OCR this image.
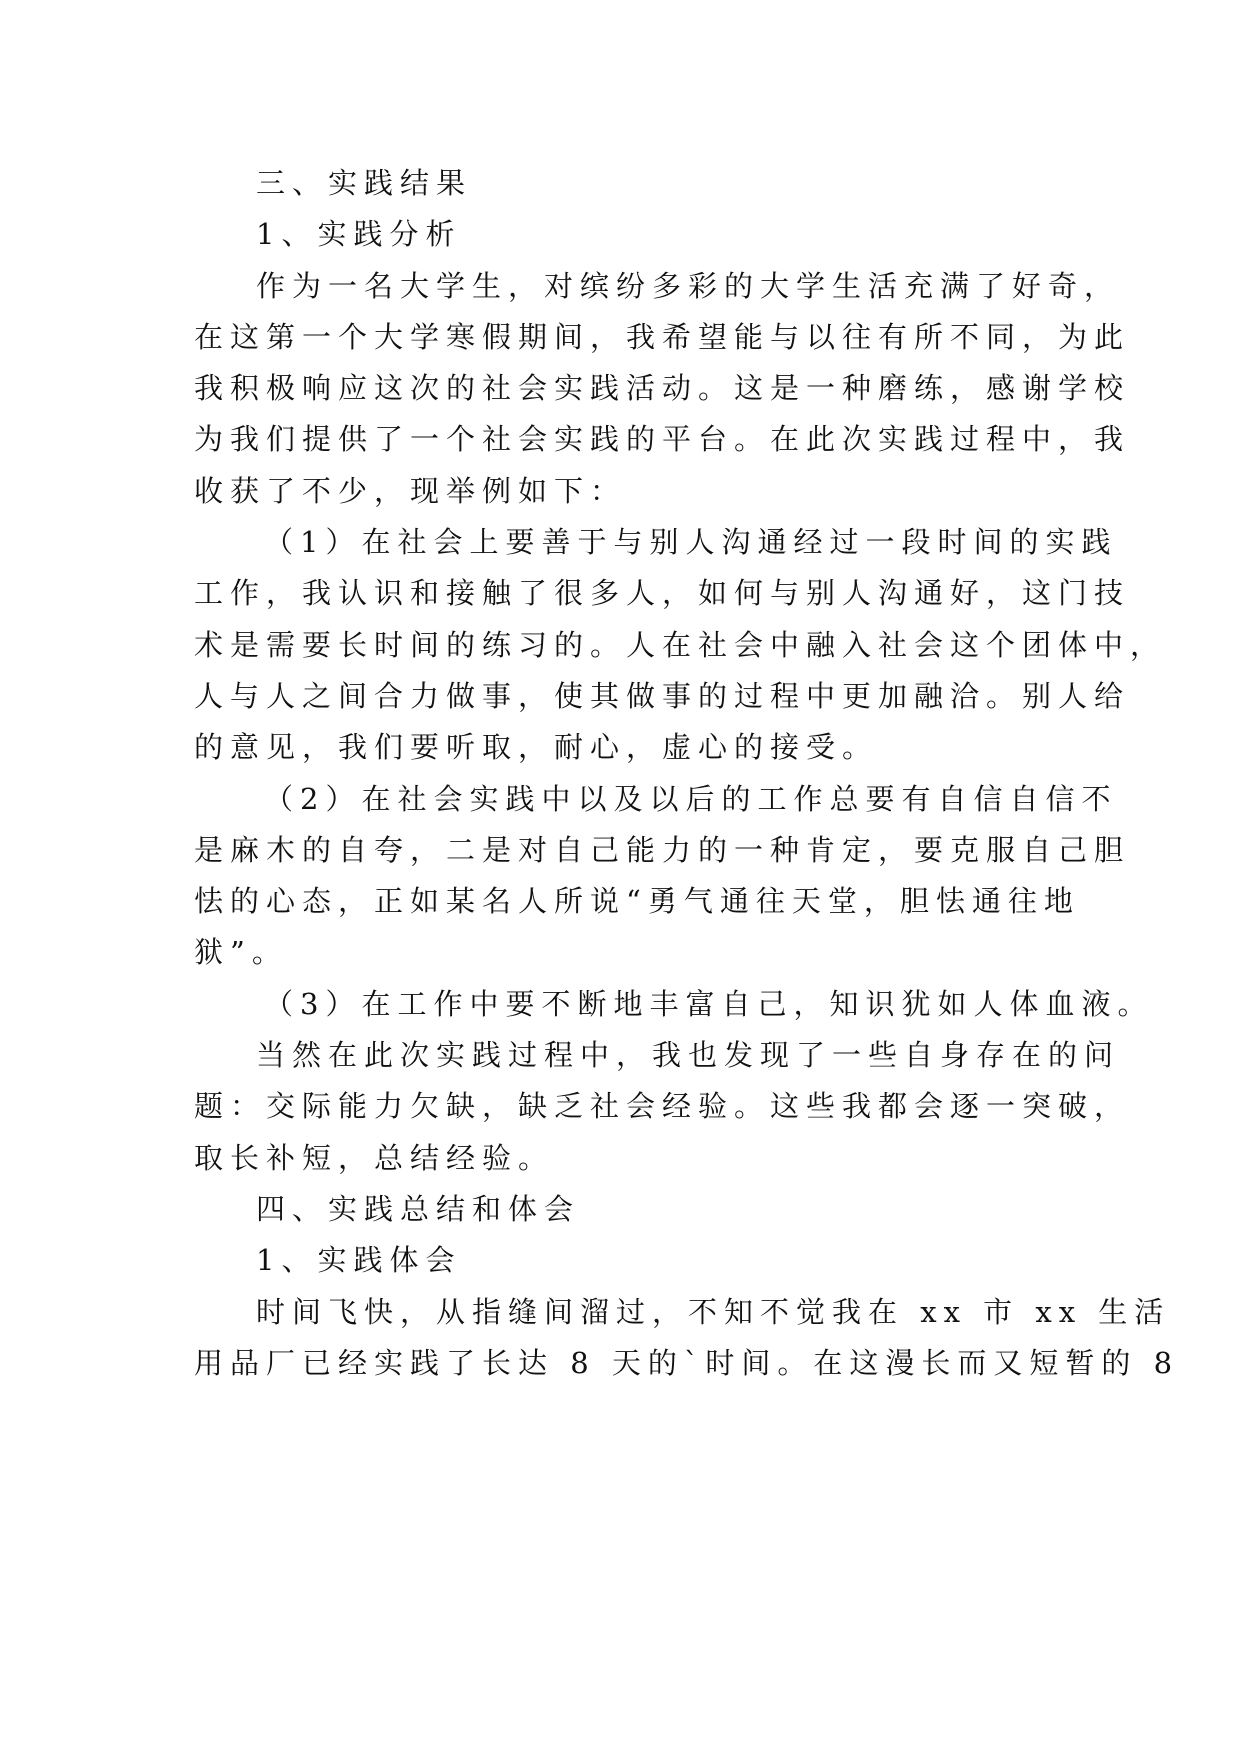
三、实践结果
1、实践分析
作为一名大学生，对缤纷多彩的大学生活充满了好奇，
在这第一个大学寒假期间，我希望能与以往有所不同，为此
我积极响应这次的社会实践活动。这是一种磨练，感谢学校
为我们提供了一个社会实践的平台。在此次实践过程中，我
收获了不少，现举例如下：
（1）在社会上要善于与别人沟通经过一段时间的实践
工作，我认识和接触了很多人，如何与别人沟通好，这门技
术是需要长时间的练习的。人在社会中融入社会这个团体中，
人与人之间合力做事，使其做事的过程中更加融洽。别人给
的意见，我们要听取，耐心，虚心的接受。
（2）在社会实践中以及以后的工作总要有自信自信不
是麻木的自夸，二是对自己能力的一种肯定，要克服自己胆
怯的心态，正如某名人所说“勇气通往天堂，胆怯通往地
狱”。
（3）在工作中要不断地丰富自己，知识犹如人体血液。
当然在此次实践过程中，我也发现了一些自身存在的问
题：交际能力欠缺，缺乏社会经验。这些我都会逐一突破，
取长补短，总结经验。
四、实践总结和体会
1、实践体会
时间飞快，从指缝间溜过，不知不觉我在 xx 市 xx 生活
用品厂已经实践了长达 8 天的`时间。在这漫长而又短暂的 8
